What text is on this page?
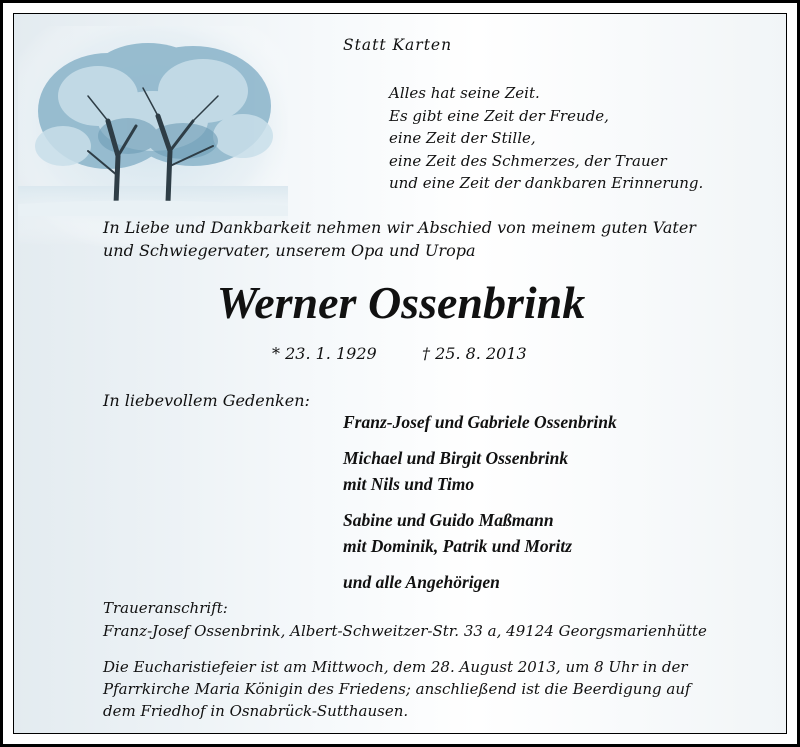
Statt Karten
Alles hat seine Zeit.
Es gibt eine Zeit der Freude,
eine Zeit der Stille,
eine Zeit des Schmerzes, der Trauer
und eine Zeit der dankbaren Erinnerung.
In Liebe und Dankbarkeit nehmen wir Abschied von meinem guten Vater
und Schwiegervater, unserem Opa und Uropa
Werner Ossenbrink
* 23. 1. 1929	† 25. 8. 2013
In liebevollem Gedenken:
Franz-Josef und Gabriele Ossenbrink
Michael und Birgit Ossenbrink
mit Nils und Timo
Sabine und Guido Maßmann
mit Dominik, Patrik und Moritz
und alle Angehörigen
Traueranschrift:
Franz-Josef Ossenbrink, Albert-Schweitzer-Str. 33 a, 49124 Georgsmarienhütte
Die Eucharistiefeier ist am Mittwoch, dem 28. August 2013, um 8 Uhr in der
Pfarrkirche Maria Königin des Friedens; anschließend ist die Beerdigung auf
dem Friedhof in Osnabrück-Sutthausen.
